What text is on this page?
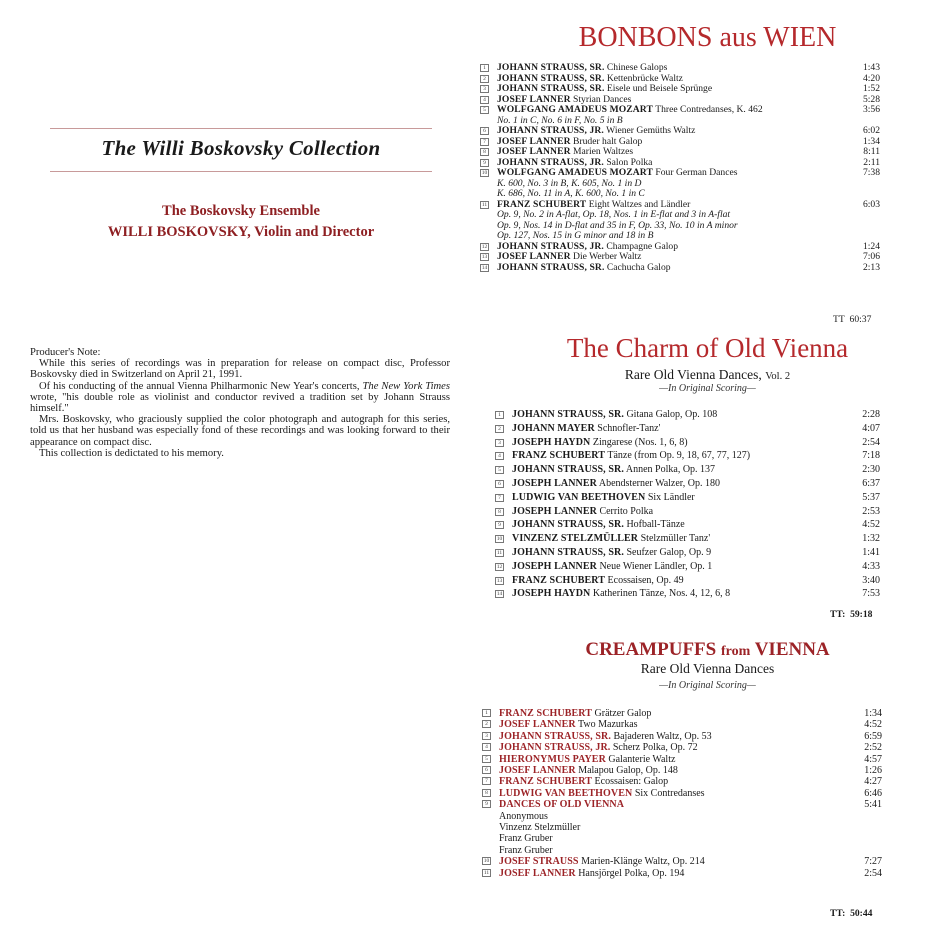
The Willi Boskovsky Collection
The Boskovsky Ensemble
WILLI BOSKOVSKY, Violin and Director

Producer's Note:

While this series of recordings was in preparation for release on compact disc, Professor Boskovsky died in Switzerland on April 21, 1991.

Of his conducting of the annual Vienna Philharmonic New Year's concerts, The New York Times wrote, "his double role as violinist and conductor revived a tradition set by Johann Strauss himself."

Mrs. Boskovsky, who graciously supplied the color photograph and autograph for this series, told us that her husband was especially fond of these recordings and was looking forward to their appearance on compact disc.

This collection is dedictated to his memory.

BONBONS aus WIEN
1	JOHANN STRAUSS, SR. Chinese Galops	1:43
2	JOHANN STRAUSS, SR. Kettenbrücke Waltz	4:20
3	JOHANN STRAUSS, SR. Eisele und Beisele Sprünge	1:52
4	JOSEF LANNER Styrian Dances	5:28
5	WOLFGANG AMADEUS MOZART Three Contredanses, K. 462	3:56
No. 1 in C, No. 6 in F, No. 5 in B
6	JOHANN STRAUSS, JR. Wiener Gemüths Waltz	6:02
7	JOSEF LANNER Bruder halt Galop	1:34
8	JOSEF LANNER Marien Waltzes	8:11
9	JOHANN STRAUSS, JR. Salon Polka	2:11
10 WOLFGANG AMADEUS MOZART Four German Dances	7:38
K. 600, No. 3 in B, K. 605, No. 1 in D
K. 686, No. 11 in A, K. 600, No. 1 in C
11 FRANZ SCHUBERT Eight Waltzes and Ländler	6:03
Op. 9, No. 2 in A-flat, Op. 18, Nos. 1 in E-flat and 3 in A-flat
Op. 9, Nos. 14 in D-flat and 35 in F, Op. 33, No. 10 in A minor
Op. 127, Nos. 15 in G minor and 18 in B
12 JOHANN STRAUSS, JR. Champagne Galop	1:24
13 JOSEF LANNER Die Werber Waltz	7:06
14 JOHANN STRAUSS, SR. Cachucha Galop	2:13
TT 60:37
The Charm of Old Vienna
Rare Old Vienna Dances, Vol. 2
—In Original Scoring—
1	JOHANN STRAUSS, SR. Gitana Galop, Op. 108	2:28
2	JOHANN MAYER Schnofler-Tanz'	4:07
3	JOSEPH HAYDN Zingarese (Nos. 1, 6, 8)	2:54
4	FRANZ SCHUBERT Tänze (from Op. 9, 18, 67, 77, 127)	7:18
5	JOHANN STRAUSS, SR. Annen Polka, Op. 137	2:30
6	JOSEPH LANNER Abendsterner Walzer, Op. 180	6:37
7	LUDWIG VAN BEETHOVEN Six Ländler	5:37
8	JOSEPH LANNER Cerrito Polka	2:53
9	JOHANN STRAUSS, SR. Hofball-Tänze	4:52
10 VINZENZ STELZMÜLLER Stelzmüller Tanz'	1:32
11 JOHANN STRAUSS, SR. Seufzer Galop, Op. 9	1:41
12 JOSEPH LANNER Neue Wiener Ländler, Op. 1	4:33
13 FRANZ SCHUBERT Ecossaisen, Op. 49	3:40
14 JOSEPH HAYDN Katherinen Tänze, Nos. 4, 12, 6, 8	7:53
TT: 59:18
CREAMPUFFS from VIENNA
Rare Old Vienna Dances
—In Original Scoring—
1	FRANZ SCHUBERT Grätzer Galop	1:34
2	JOSEF LANNER Two Mazurkas	4:52
3	JOHANN STRAUSS, SR. Bajaderen Waltz, Op. 53	6:59
4	JOHANN STRAUSS, JR. Scherz Polka, Op. 72	2:52
5	HIERONYMUS PAYER Galanterie Waltz	4:57
6	JOSEF LANNER Malapou Galop, Op. 148	1:26
7	FRANZ SCHUBERT Ecossaisen: Galop	4:27
8	LUDWIG VAN BEETHOVEN Six Contredanses	6:46
9	DANCES OF OLD VIENNA	5:41
Anonymous
Vinzenz Stelzmüller
Franz Gruber
Franz Gruber
10 JOSEF STRAUSS Marien-Klänge Waltz, Op. 214	7:27
11 JOSEF LANNER Hansjörgel Polka, Op. 194	2:54
TT: 50:44
